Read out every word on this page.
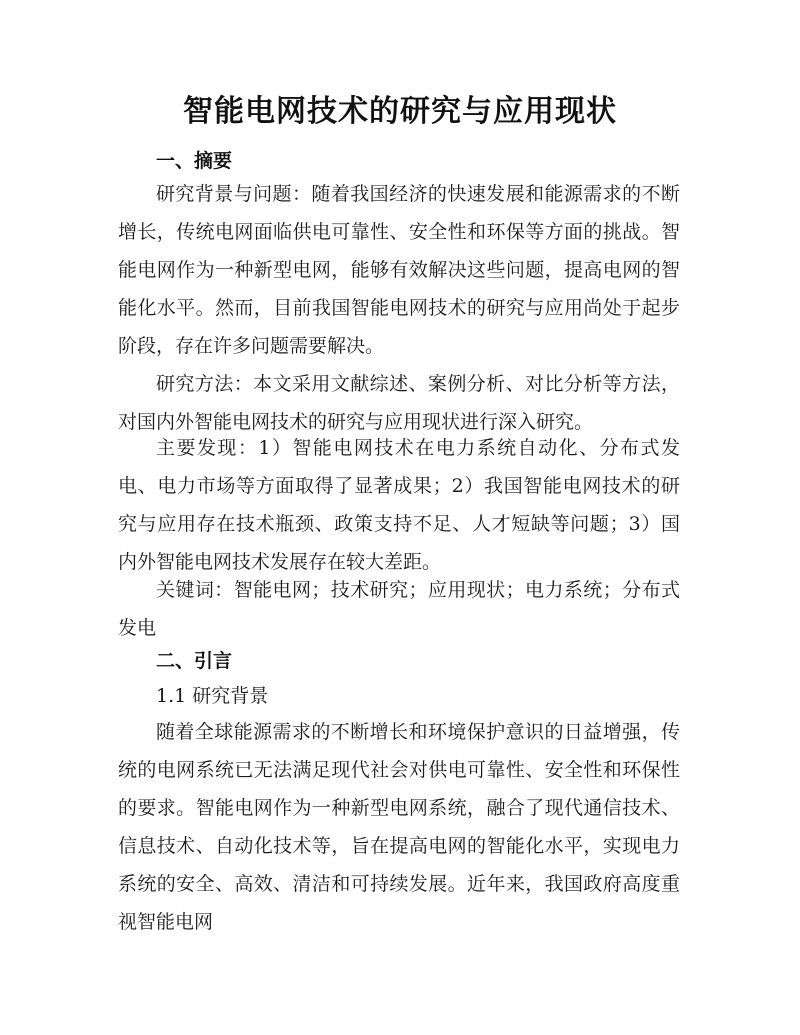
智能电网技术的研究与应用现状
一、摘要

研究背景与问题：随着我国经济的快速发展和能源需求的不断增长，传统电网面临供电可靠性、安全性和环保等方面的挑战。智能电网作为一种新型电网，能够有效解决这些问题，提高电网的智能化水平。然而，目前我国智能电网技术的研究与应用尚处于起步阶段，存在许多问题需要解决。

研究方法：本文采用文献综述、案例分析、对比分析等方法，对国内外智能电网技术的研究与应用现状进行深入研究。

主要发现：1）智能电网技术在电力系统自动化、分布式发电、电力市场等方面取得了显著成果；2）我国智能电网技术的研究与应用存在技术瓶颈、政策支持不足、人才短缺等问题；3）国内外智能电网技术发展存在较大差距。

关键词：智能电网；技术研究；应用现状；电力系统；分布式发电

二、引言
1.1 研究背景

随着全球能源需求的不断增长和环境保护意识的日益增强，传统的电网系统已无法满足现代社会对供电可靠性、安全性和环保性的要求。智能电网作为一种新型电网系统，融合了现代通信技术、信息技术、自动化技术等，旨在提高电网的智能化水平，实现电力系统的安全、高效、清洁和可持续发展。近年来，我国政府高度重视智能电网
